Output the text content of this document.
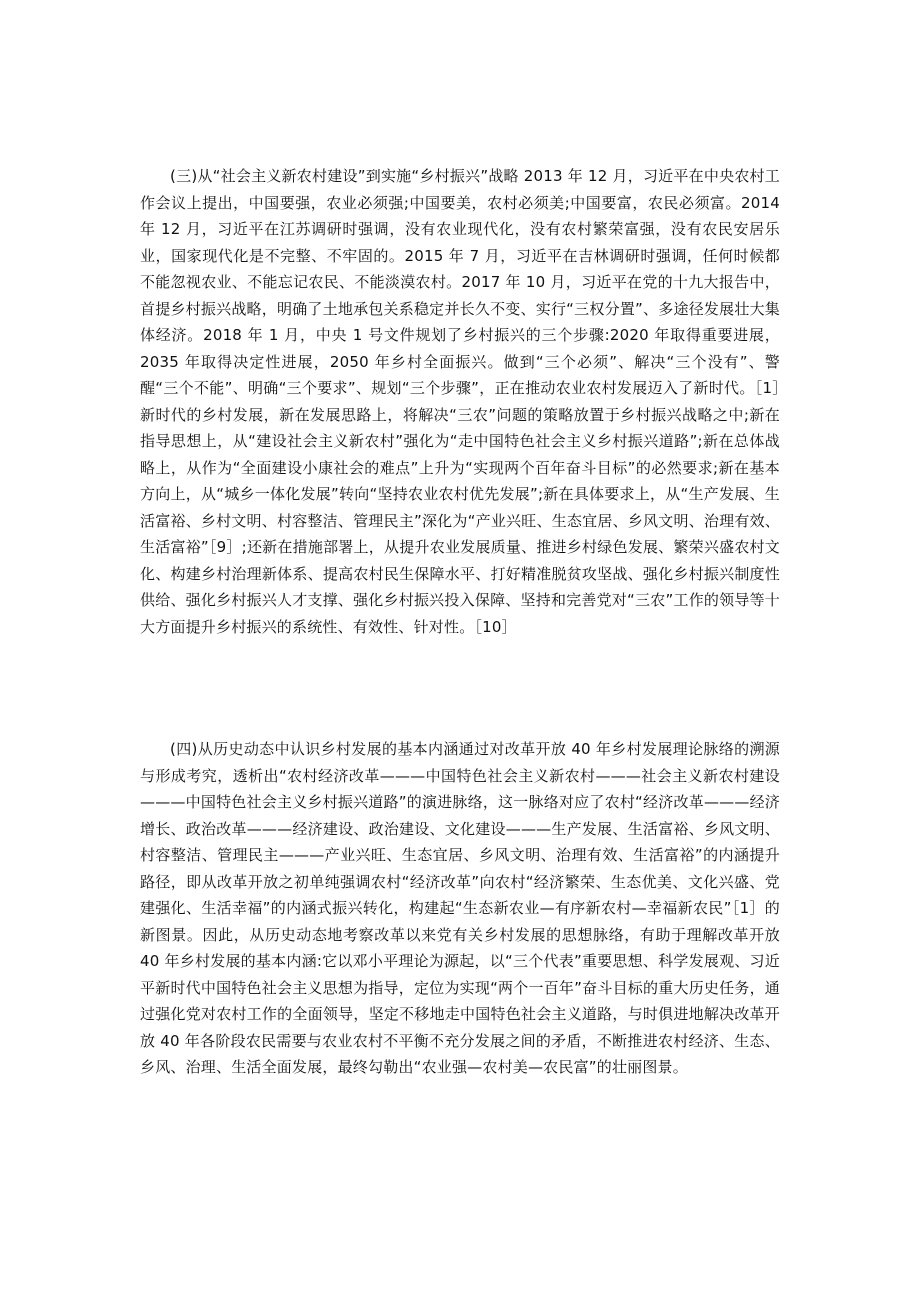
(三)从“社会主义新农村建设”到实施“乡村振兴”战略 2013 年 12 月，习近平在中央农村工作会议上提出，中国要强，农业必须强;中国要美，农村必须美;中国要富，农民必须富。2014 年 12 月，习近平在江苏调研时强调，没有农业现代化，没有农村繁荣富强，没有农民安居乐业，国家现代化是不完整、不牢固的。2015 年 7 月，习近平在吉林调研时强调，任何时候都不能忽视农业、不能忘记农民、不能淡漠农村。2017 年 10 月，习近平在党的十九大报告中，首提乡村振兴战略，明确了土地承包关系稳定并长久不变、实行“三权分置”、多途径发展壮大集体经济。2018 年 1 月，中央 1 号文件规划了乡村振兴的三个步骤:2020 年取得重要进展，2035 年取得决定性进展，2050 年乡村全面振兴。做到“三个必须”、解决“三个没有”、警醒“三个不能”、明确“三个要求”、规划“三个步骤”，正在推动农业农村发展迈入了新时代。［1］新时代的乡村发展，新在发展思路上，将解决“三农”问题的策略放置于乡村振兴战略之中;新在指导思想上，从“建设社会主义新农村”强化为“走中国特色社会主义乡村振兴道路”;新在总体战略上，从作为“全面建设小康社会的难点”上升为“实现两个百年奋斗目标”的必然要求;新在基本方向上，从“城乡一体化发展”转向“坚持农业农村优先发展”;新在具体要求上，从“生产发展、生活富裕、乡村文明、村容整洁、管理民主”深化为“产业兴旺、生态宜居、乡风文明、治理有效、生活富裕”［9］;还新在措施部署上，从提升农业发展质量、推进乡村绿色发展、繁荣兴盛农村文化、构建乡村治理新体系、提高农村民生保障水平、打好精准脱贫攻坚战、强化乡村振兴制度性供给、强化乡村振兴人才支撑、强化乡村振兴投入保障、坚持和完善党对“三农”工作的领导等十大方面提升乡村振兴的系统性、有效性、针对性。［10］

(四)从历史动态中认识乡村发展的基本内涵通过对改革开放 40 年乡村发展理论脉络的溯源与形成考究，透析出“农村经济改革———中国特色社会主义新农村———社会主义新农村建设———中国特色社会主义乡村振兴道路”的演进脉络，这一脉络对应了农村“经济改革———经济增长、政治改革———经济建设、政治建设、文化建设———生产发展、生活富裕、乡风文明、村容整洁、管理民主———产业兴旺、生态宜居、乡风文明、治理有效、生活富裕”的内涵提升路径，即从改革开放之初单纯强调农村“经济改革”向农村“经济繁荣、生态优美、文化兴盛、党建强化、生活幸福”的内涵式振兴转化，构建起“生态新农业—有序新农村—幸福新农民”［1］的新图景。因此，从历史动态地考察改革以来党有关乡村发展的思想脉络，有助于理解改革开放 40 年乡村发展的基本内涵:它以邓小平理论为源起，以“三个代表”重要思想、科学发展观、习近平新时代中国特色社会主义思想为指导，定位为实现“两个一百年”奋斗目标的重大历史任务，通过强化党对农村工作的全面领导，坚定不移地走中国特色社会主义道路，与时俱进地解决改革开放 40 年各阶段农民需要与农业农村不平衡不充分发展之间的矛盾，不断推进农村经济、生态、乡风、治理、生活全面发展，最终勾勒出“农业强—农村美—农民富”的壮丽图景。
